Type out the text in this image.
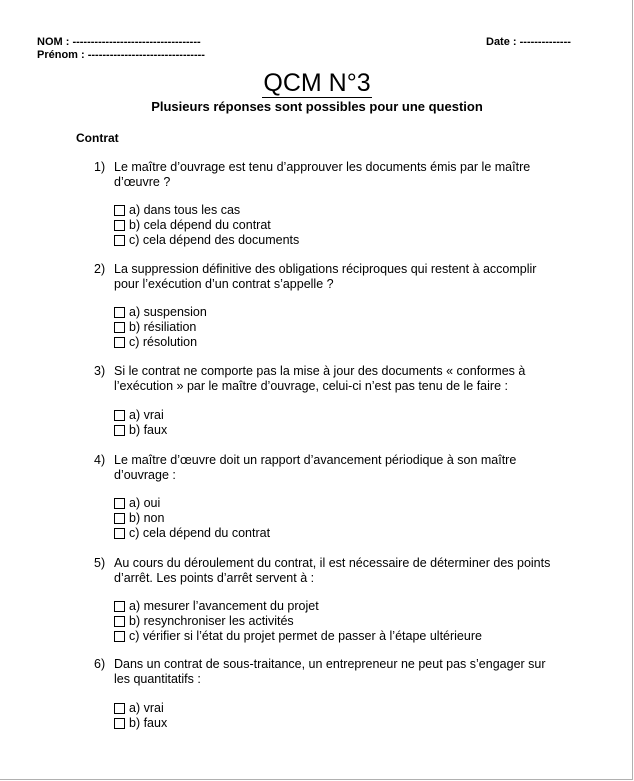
NOM : -----------------------------------
Prénom : --------------------------------
Date : --------------
QCM N°3
Plusieurs réponses sont possibles pour une question
Contrat
1) Le maître d’ouvrage est tenu d’approuver les documents émis par le maître d’œuvre ?
a) dans tous les cas
b) cela dépend du contrat
c) cela dépend des documents
2) La suppression définitive des obligations réciproques qui restent à accomplir pour l’exécution d’un contrat s’appelle ?
a) suspension
b) résiliation
c) résolution
3) Si le contrat ne comporte pas la mise à jour des documents « conformes à l’exécution » par le maître d’ouvrage, celui-ci n’est pas tenu de le faire :
a) vrai
b) faux
4) Le maître d’œuvre doit un rapport d’avancement périodique à son maître d’ouvrage :
a) oui
b) non
c) cela dépend du contrat
5) Au cours du déroulement du contrat, il est nécessaire de déterminer des points d’arrêt. Les points d’arrêt servent à :
a) mesurer l’avancement du projet
b) resynchroniser les activités
c) vérifier si l’état du projet permet de passer à l’étape ultérieure
6) Dans un contrat de sous-traitance, un entrepreneur ne peut pas s’engager sur les quantitatifs :
a) vrai
b) faux
